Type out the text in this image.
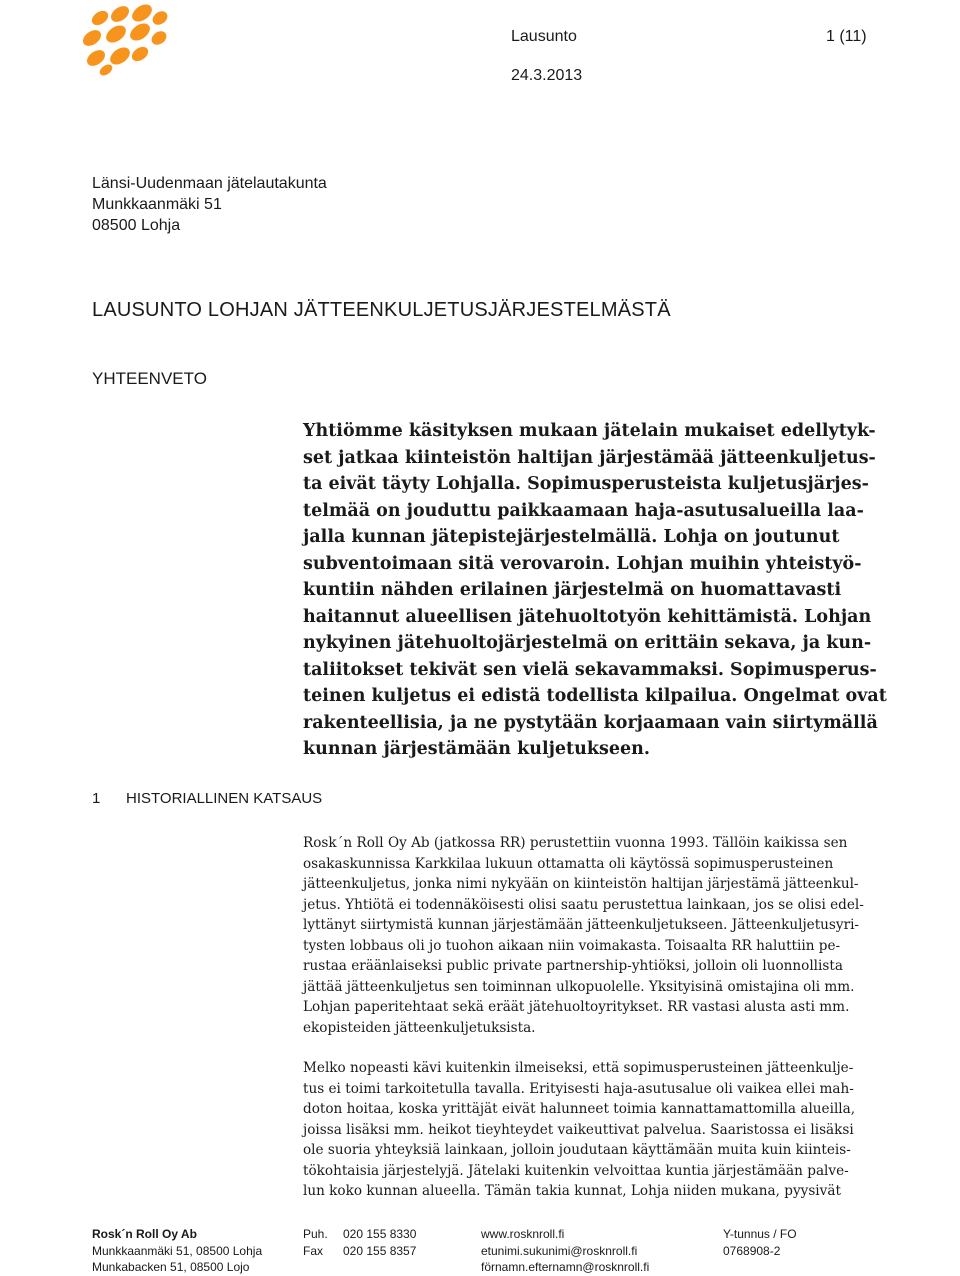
Lausunto	1 (11)
24.3.2013
Länsi-Uudenmaan jätelautakunta
Munkkaanmäki 51
08500 Lohja
LAUSUNTO LOHJAN JÄTTEENKULJETUSJÄRJESTELMÄSTÄ
YHTEENVETO
Yhtiömme käsityksen mukaan jätelain mukaiset edellytyk-
set jatkaa kiinteistön haltijan järjestämää jätteenkuljetus-
ta eivät täyty Lohjalla. Sopimusperusteista kuljetusjärjes-
telmää on jouduttu paikkaamaan haja-asutusalueilla laa-
jalla kunnan jätepistejärjestelmällä. Lohja on joutunut
subventoimaan sitä verovaroin. Lohjan muihin yhteistyö-
kuntiin nähden erilainen järjestelmä on huomattavasti
haitannut alueellisen jätehuoltotyön kehittämistä. Lohjan
nykyinen jätehuoltojärjestelmä on erittäin sekava, ja kun-
taliitokset tekivät sen vielä sekavammaksi. Sopimusperus-
teinen kuljetus ei edistä todellista kilpailua. Ongelmat ovat
rakenteellisia, ja ne pystytään korjaamaan vain siirtymällä
kunnan järjestämään kuljetukseen.
1 HISTORIALLINEN KATSAUS
Rosk´n Roll Oy Ab (jatkossa RR) perustettiin vuonna 1993. Tällöin kaikissa sen
osakaskunnissa Karkkilaa lukuun ottamatta oli käytössä sopimusperusteinen
jätteenkuljetus, jonka nimi nykyään on kiinteistön haltijan järjestämä jätteenkul-
jetus. Yhtiötä ei todennäköisesti olisi saatu perustettua lainkaan, jos se olisi edel-
lyttänyt siirtymistä kunnan järjestämään jätteenkuljetukseen. Jätteenkuljetusyri-
tysten lobbaus oli jo tuohon aikaan niin voimakasta. Toisaalta RR haluttiin pe-
rustaa eräänlaiseksi public private partnership-yhtiöksi, jolloin oli luonnollista
jättää jätteenkuljetus sen toiminnan ulkopuolelle. Yksityisinä omistajina oli mm.
Lohjan paperitehtaat sekä eräät jätehuoltoyritykset. RR vastasi alusta asti mm.
ekopisteiden jätteenkuljetuksista.
Melko nopeasti kävi kuitenkin ilmeiseksi, että sopimusperusteinen jätteenkulje-
tus ei toimi tarkoitetulla tavalla. Erityisesti haja-asutusalue oli vaikea ellei mah-
doton hoitaa, koska yrittäjät eivät halunneet toimia kannattamattomilla alueilla,
joissa lisäksi mm. heikot tieyhteydet vaikeuttivat palvelua. Saaristossa ei lisäksi
ole suoria yhteyksiä lainkaan, jolloin joudutaan käyttämään muita kuin kiinteis-
tökohtaisia järjestelyjä. Jätelaki kuitenkin velvoittaa kuntia järjestämään palve-
lun koko kunnan alueella. Tämän takia kunnat, Lohja niiden mukana, pyysivät
Rosk´n Roll Oy Ab
Munkkaanmäki 51, 08500 Lohja
Munkabacken 51, 08500 Lojo
Puh. 020 155 8330
Fax 020 155 8357
www.rosknroll.fi
etunimi.sukunimi@rosknroll.fi
förnamn.efternamn@rosknroll.fi
Y-tunnus / FO
0768908-2
